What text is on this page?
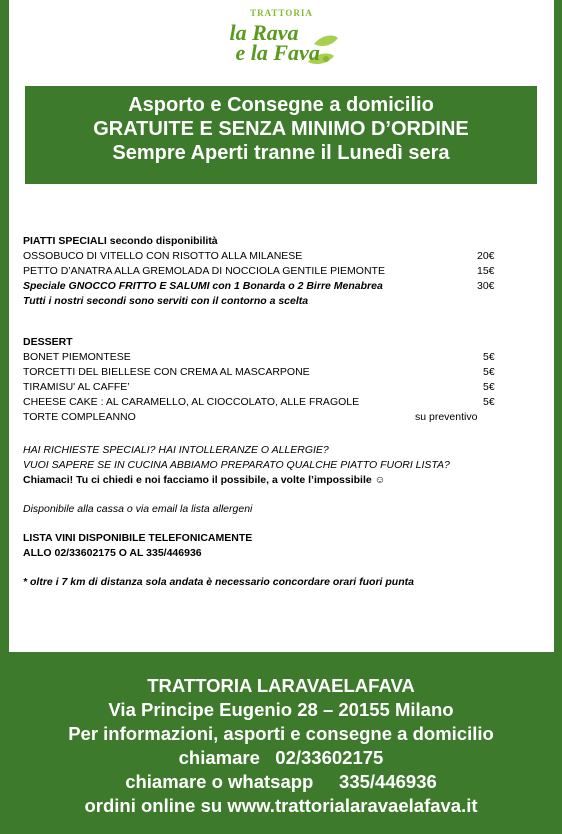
TRATTORIA
la Rava
e la Fava
Asporto e Consegne a domicilio
GRATUITE E SENZA MINIMO D’ORDINE
Sempre Aperti tranne il Lunedì sera
PIATTI SPECIALI secondo disponibilità
OSSOBUCO DI VITELLO CON RISOTTO ALLA MILANESE	20€
PETTO D’ANATRA ALLA GREMOLADA DI NOCCIOLA GENTILE PIEMONTE	15€
Speciale GNOCCO FRITTO E SALUMI con 1 Bonarda o 2 Birre Menabrea	30€
Tutti i nostri secondi sono serviti con il contorno a scelta
DESSERT
BONET PIEMONTESE	5€
TORCETTI DEL BIELLESE CON CREMA AL MASCARPONE	5€
TIRAMISU' AL CAFFE’	5€
CHEESE CAKE : AL CARAMELLO, AL CIOCCOLATO, ALLE FRAGOLE	5€
TORTE COMPLEANNO	su preventivo
HAI RICHIESTE SPECIALI? HAI INTOLLERANZE O ALLERGIE?
VUOI SAPERE SE IN CUCINA ABBIAMO PREPARATO QUALCHE PIATTO FUORI LISTA?
Chiamaci! Tu ci chiedi e noi facciamo il possibile, a volte l’impossibile ☺
Disponibile alla cassa o via email la lista allergeni
LISTA VINI DISPONIBILE TELEFONICAMENTE
ALLO 02/33602175 O AL 335/446936
* oltre i 7 km di distanza sola andata è necessario concordare orari fuori punta
TRATTORIA LARAVAELAFAVA
Via Principe Eugenio 28 – 20155 Milano
Per informazioni, asporti e consegne a domicilio
chiamare   02/33602175
chiamare o whatsapp     335/446936
ordini online su www.trattorialaravaelafava.it
